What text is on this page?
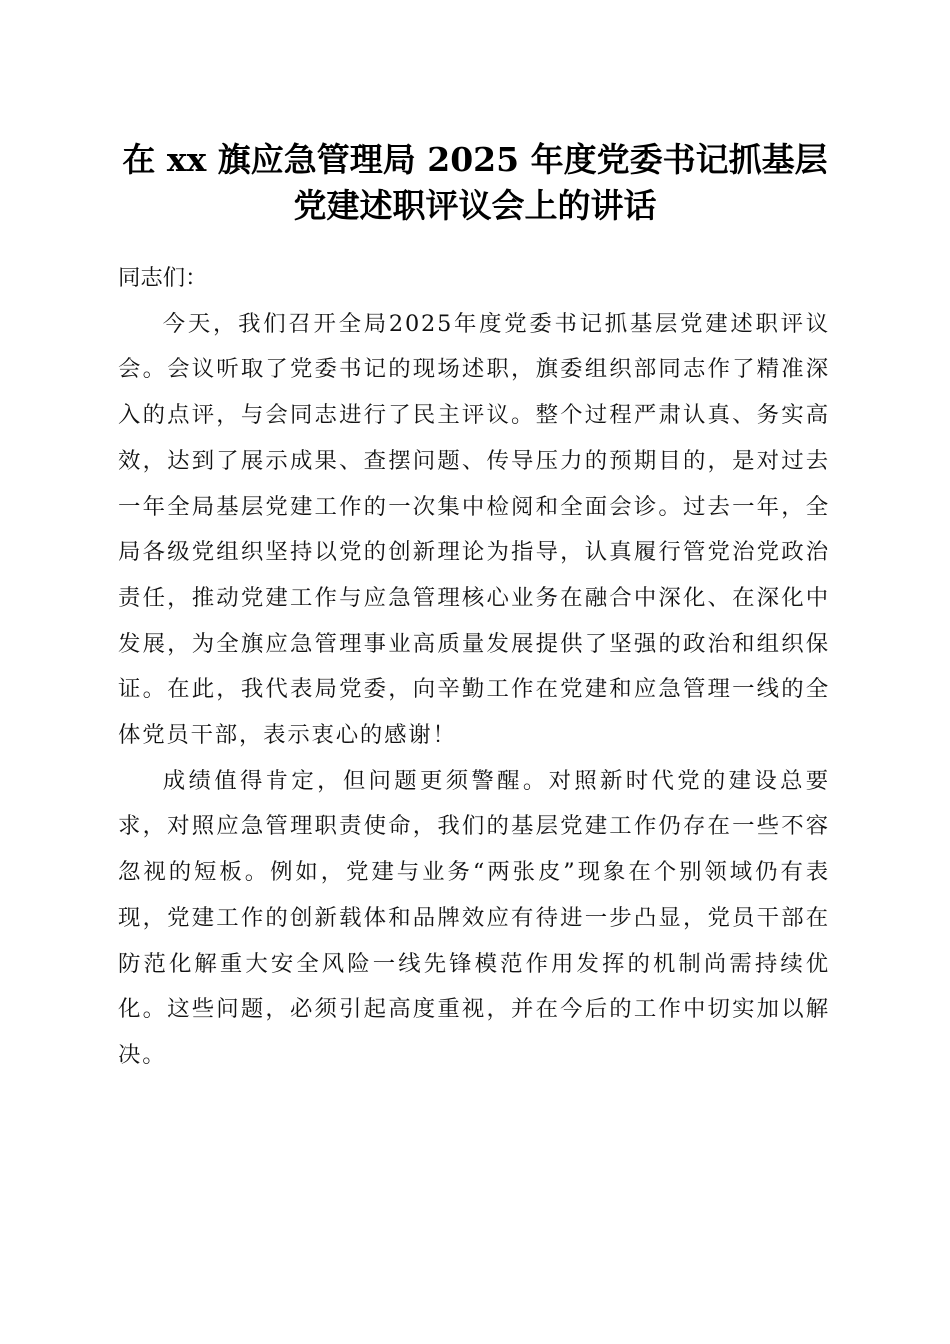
在 xx 旗应急管理局 2025 年度党委书记抓基层
党建述职评议会上的讲话

同志们：

今天，我们召开全局2025年度党委书记抓基层党建述职评议会。会议听取了党委书记的现场述职，旗委组织部同志作了精准深入的点评，与会同志进行了民主评议。整个过程严肃认真、务实高效，达到了展示成果、查摆问题、传导压力的预期目的，是对过去一年全局基层党建工作的一次集中检阅和全面会诊。过去一年，全局各级党组织坚持以党的创新理论为指导，认真履行管党治党政治责任，推动党建工作与应急管理核心业务在融合中深化、在深化中发展，为全旗应急管理事业高质量发展提供了坚强的政治和组织保证。在此，我代表局党委，向辛勤工作在党建和应急管理一线的全体党员干部，表示衷心的感谢！

成绩值得肯定，但问题更须警醒。对照新时代党的建设总要求，对照应急管理职责使命，我们的基层党建工作仍存在一些不容忽视的短板。例如，党建与业务“两张皮”现象在个别领域仍有表现，党建工作的创新载体和品牌效应有待进一步凸显，党员干部在防范化解重大安全风险一线先锋模范作用发挥的机制尚需持续优化。这些问题，必须引起高度重视，并在今后的工作中切实加以解决。
